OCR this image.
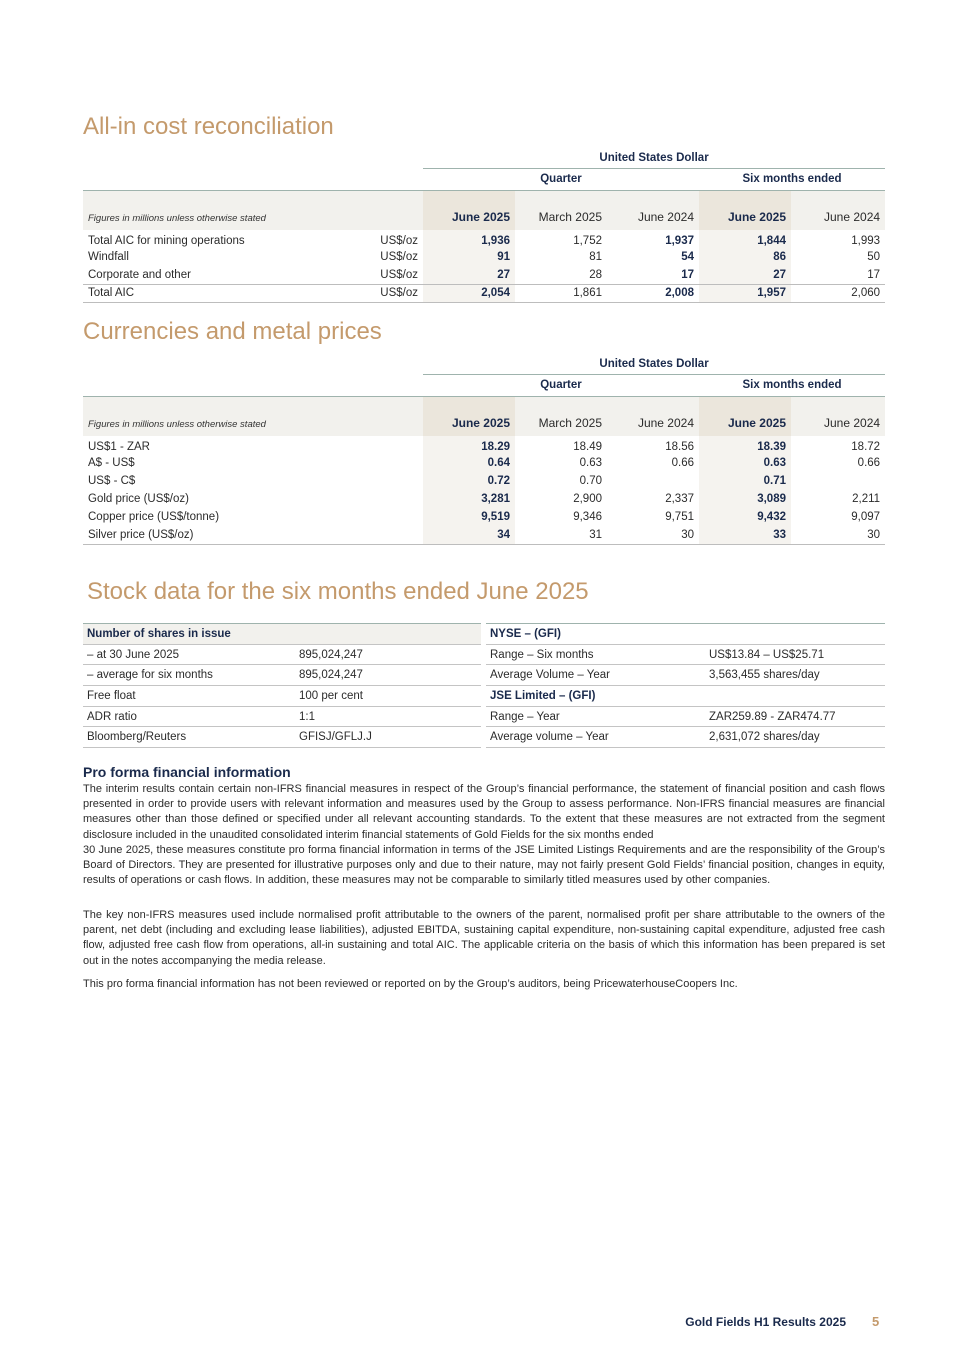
All-in cost reconciliation
		United States Dollar				
		Quarter			Six months ended	
Figures in millions unless otherwise stated		June 2025	March 2025	June 2024	June 2025	June 2024
Total AIC for mining operations	US$/oz	1,936	1,752	1,937	1,844	1,993
Windfall	US$/oz	91	81	54	86	50
Corporate and other	US$/oz	27	28	17	27	17
Total AIC	US$/oz	2,054	1,861	2,008	1,957	2,060
Currencies and metal prices
		United States Dollar				
		Quarter			Six months ended	
Figures in millions unless otherwise stated		June 2025	March 2025	June 2024	June 2025	June 2024
US$1 - ZAR		18.29	18.49	18.56	18.39	18.72
A$ - US$		0.64	0.63	0.66	0.63	0.66
US$ - C$		0.72	0.70		0.71	
Gold price (US$/oz)		3,281	2,900	2,337	3,089	2,211
Copper price (US$/tonne)		9,519	9,346	9,751	9,432	9,097
Silver price (US$/oz)		34	31	30	33	30
Stock data for the six months ended June 2025
Number of shares in issue	
– at 30 June 2025	895,024,247
– average for six months	895,024,247
Free float	100 per cent
ADR ratio	1:1
Bloomberg/Reuters	GFISJ/GFLJ.J
NYSE – (GFI)	
Range – Six months	US$13.84 – US$25.71
Average Volume – Year	3,563,455 shares/day
JSE Limited – (GFI)	
Range – Year	ZAR259.89 - ZAR474.77
Average volume – Year	2,631,072 shares/day
Pro forma financial information
The interim results contain certain non-IFRS financial measures in respect of the Group’s financial performance, the statement of financial position and cash flows presented in order to provide users with relevant information and measures used by the Group to assess performance. Non-IFRS financial measures are financial measures other than those defined or specified under all relevant accounting standards. To the extent that these measures are not extracted from the segment disclosure included in the unaudited consolidated interim financial statements of Gold Fields for the six months ended
30 June 2025, these measures constitute pro forma financial information in terms of the JSE Limited Listings Requirements and are the responsibility of the Group’s Board of Directors. They are presented for illustrative purposes only and due to their nature, may not fairly present Gold Fields’ financial position, changes in equity, results of operations or cash flows. In addition, these measures may not be comparable to similarly titled measures used by other companies.
The key non-IFRS measures used include normalised profit attributable to the owners of the parent, normalised profit per share attributable to the owners of the parent, net debt (including and excluding lease liabilities), adjusted EBITDA, sustaining capital expenditure, non-sustaining capital expenditure, adjusted free cash flow, adjusted free cash flow from operations, all-in sustaining and total AIC. The applicable criteria on the basis of which this information has been prepared is set out in the notes accompanying the media release.
This pro forma financial information has not been reviewed or reported on by the Group’s auditors, being PricewaterhouseCoopers Inc.
Gold Fields H1 Results 2025 5
